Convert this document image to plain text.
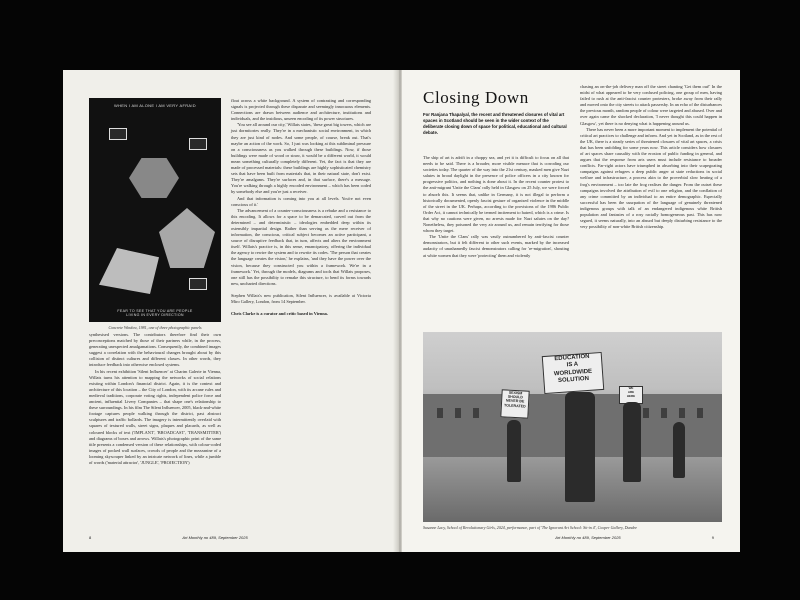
WHEN I AM ALONE I AM VERY AFRAID
FEAR TO SEE THAT YOU ARE PEOPLE
LIVING IN EVERY DIRECTION
Concrete Window, 1981, one of three photographic panels

synthesised versions. The contributors therefore find their own preconceptions matched by those of their partners while, in the process, generating unexpected amalgamations. Consequently, the combined images suggest a correlation with the behavioural changes brought about by this collision of distinct cultures and different classes. In other words, they introduce feedback into otherwise enclosed systems.

In his recent exhibition 'Silent Influencer' at Charim Galerie in Vienna, Willats turns his attention to mapping the networks of social relations existing within London's financial district. Again, it is the context and architecture of this location – the City of London, with its arcane rules and medieval traditions, corporate voting rights, independent police force and ancient, influential Livery Companies – that shape one's relationship to these surroundings. In his film The Silent Influencer, 2005, black-and-white footage captures people walking through the district, past abstract sculptures and traffic bollards. The imagery is intermittently overlaid with squares of textured walls, street signs, plaques and placards, as well as coloured blocks of text ('IMPLANT', 'BROADCAST', 'TRANSMITTER') and diagrams of boxes and arrows. Willats's photographic print of the same title presents a condensed version of these relationships, with colour-coded images of pocked wall surfaces, crowds of people and the mezzanine of a looming skyscraper linked by an intricate network of lines, while a jumble of words ('material attractor', 'JUNGLE', 'PROJECTION')

float across a white background. A system of contrasting and corresponding signals is projected through these disparate and seemingly innocuous elements. Connections are drawn between audience and architecture, institutions and individuals, and the insidious, unseen encoding of its power structures.

'You see all around our city,' Willats states, 'these great big towers, which are just dormitories really. They're in a mechanistic social environment, in which they are just kind of nodes. And some people, of course, break out. That's maybe an action of the work. So, I just was looking at this subliminal pressure on a consciousness as you walked through these buildings. Now, if those buildings were made of wood or straw, it would be a different world, it would mean something culturally completely different. Yet, the fact is that they are made of processed materials: these buildings are highly sophisticated chemistry sets that have been built from materials that, in their natural state, don't exist. They're amalgams. They're surfaces and, in that surface, there's a message. You're walking through a highly encoded environment – which has been coded by somebody else and you're just a receiver.

And that information is coming into you at all levels. You're not even conscious of it.'

The advancement of a counter-consciousness is a rebuke and a resistance to this encoding. It allows for a space to be demarcated, carved out from the determined – and deterministic – ideologies embedded deep within its ostensibly impartial design. Rather than serving as the mere receiver of information, the conscious, critical subject becomes an active participant, a source of disruptive feedback that, in turn, affects and alters the environment itself. Willats's practice is, in this sense, emancipatory, offering the individual the agency to rewire the system and to rewrite its codes. 'The person that creates the language creates the vision,' he explains, 'and they have the power over the vision, because they constructed you within a framework. We're in a framework.' Yet, through the models, diagrams and tools that Willats proposes, one still has the possibility to remake this structure, to bend its forms towards new, uncharted directions.

Stephen Willats's new publication, Silent Influencer, is available at Victoria Miro Gallery, London, from 14 September.

Chris Clarke is a curator and critic based in Vienna.

8	Art Monthly no 489, September 2025
Closing Down
For Ranjana Thapalyal, the recent and threatened closures of vital art spaces in Scotland should be seen in the wider context of the deliberate closing down of space for political, educational and cultural debate.

The ship of art is adrift in a choppy sea, and yet it is difficult to focus on all that needs to be said. There is a broader, more visible menace that is corroding our societies today. The quarter of the way into the 21st century, masked men give Nazi salutes in broad daylight in the presence of police officers in a city known for progressive politics, and nothing is done about it. In the recent counter protest to the anti-migrant 'Unite the Clans' rally held in Glasgow on 25 July, we were forced to absorb this. It seems that, unlike in Germany, it is not illegal to perform a historically documented, openly fascist gesture of organised violence in the middle of the street in the UK. Perhaps, according to the provisions of the 1986 Public Order Act, it cannot technically be termed incitement to hatred, which is a crime. Is that why no cautions were given, no arrests made for Nazi salutes on the day? Nonetheless, they poisoned the very air around us, and remain terrifying for those whom they target.

The 'Unite the Clans' rally was vastly outnumbered by anti-fascist counter demonstrators, but it felt different to other such events, marked by the increased audacity of unashamedly fascist demonstrators calling for 're-migration', shouting at white women that they were 'protecting' them and violently

chasing an on-the-job delivery man off the street chanting 'Get them out!' In the midst of what appeared to be very confused policing, one group of men, having failed to rush at the anti-fascist counter protesters, broke away from their rally and moved onto the city streets to attack passersby. In an echo of the disturbances the previous month, random people of colour were targeted and abused. Over and over again came the shocked declaration, 'I never thought this could happen in Glasgow', yet there is no denying what is happening around us.

There has never been a more important moment to implement the potential of critical art practices to challenge and inform. And yet in Scotland, as in the rest of the UK, there is a steady series of threatened closures of vital art spaces, a crisis that has been unfolding for some years now. This article considers how closures of art spaces share causality with the erosion of public funding in general, and argues that the response from arts users must include resistance to broader conflicts. Far-right actors have triumphed in absorbing into their scapegoating campaigns against refugees a deep public anger at state reductions in social welfare and infrastructure, a process akin to the proverbial slow heating of a frog's environment – too late the frog realises the danger. From the outset these campaigns involved the attribution of evil to one religion, and the conflation of any crime committed by an individual to an entire demographic. Especially successful has been the usurpation of the language of genuinely threatened indigenous groups with talk of an endangered indigenous white British population and fantasies of a rosy racially homogeneous past. This has now segued, it seems naturally, into an absurd but deeply disturbing resistance to the very possibility of non-white British citizenship.

EDUCATION
IS A
WORLDWIDE
SOLUTION
SEXISM
SHOULD
NEVER BE
TOLERATED
WE
ARE
HERE
Susanne Lacy, School of Revolutionary Girls, 2024, performance, part of 'The Ignorant Art School: Sit-in 4', Cooper Gallery, Dundee
Art Monthly no 489, September 2025	9
